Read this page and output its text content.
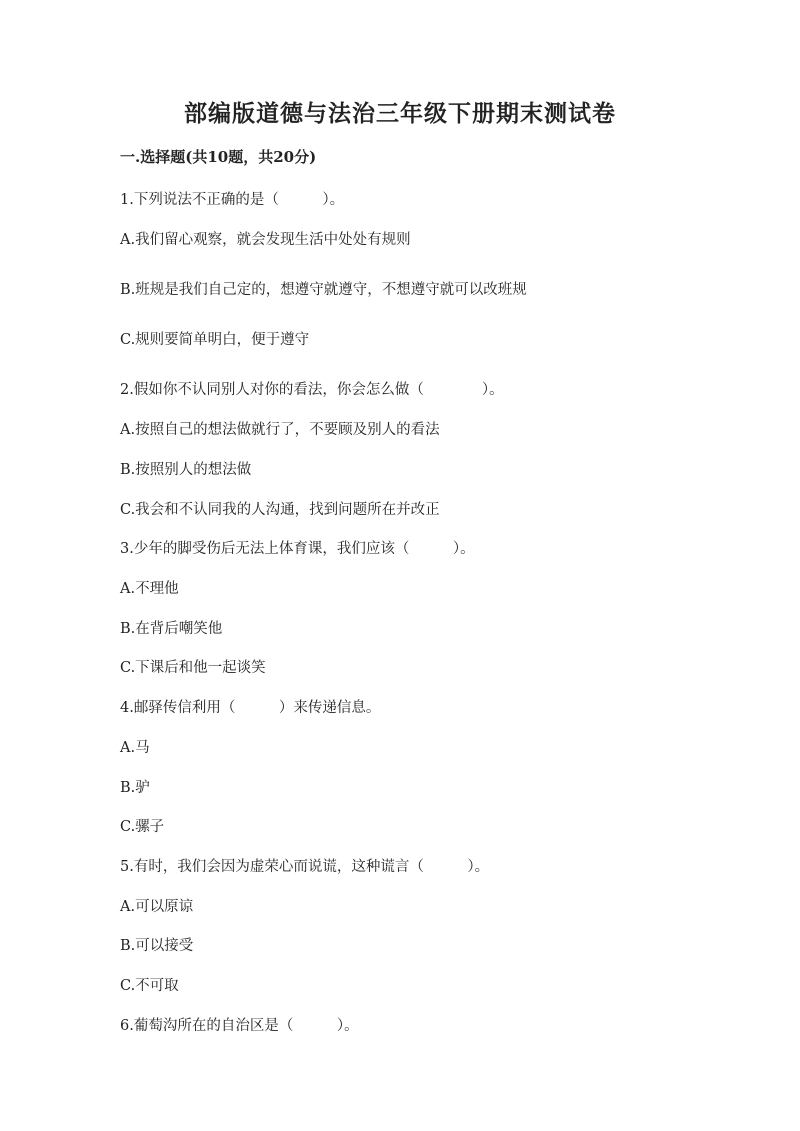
部编版道德与法治三年级下册期末测试卷
一.选择题(共10题，共20分)
1.下列说法不正确的是（　　　）。
A.我们留心观察，就会发现生活中处处有规则
B.班规是我们自己定的，想遵守就遵守，不想遵守就可以改班规
C.规则要简单明白，便于遵守
2.假如你不认同别人对你的看法，你会怎么做（　　　　）。
A.按照自己的想法做就行了，不要顾及别人的看法
B.按照别人的想法做
C.我会和不认同我的人沟通，找到问题所在并改正
3.少年的脚受伤后无法上体育课，我们应该（　　　）。
A.不理他
B.在背后嘲笑他
C.下课后和他一起谈笑
4.邮驿传信利用（　　　）来传递信息。
A.马
B.驴
C.骡子
5.有时，我们会因为虚荣心而说谎，这种谎言（　　　）。
A.可以原谅
B.可以接受
C.不可取
6.葡萄沟所在的自治区是（　　　）。
